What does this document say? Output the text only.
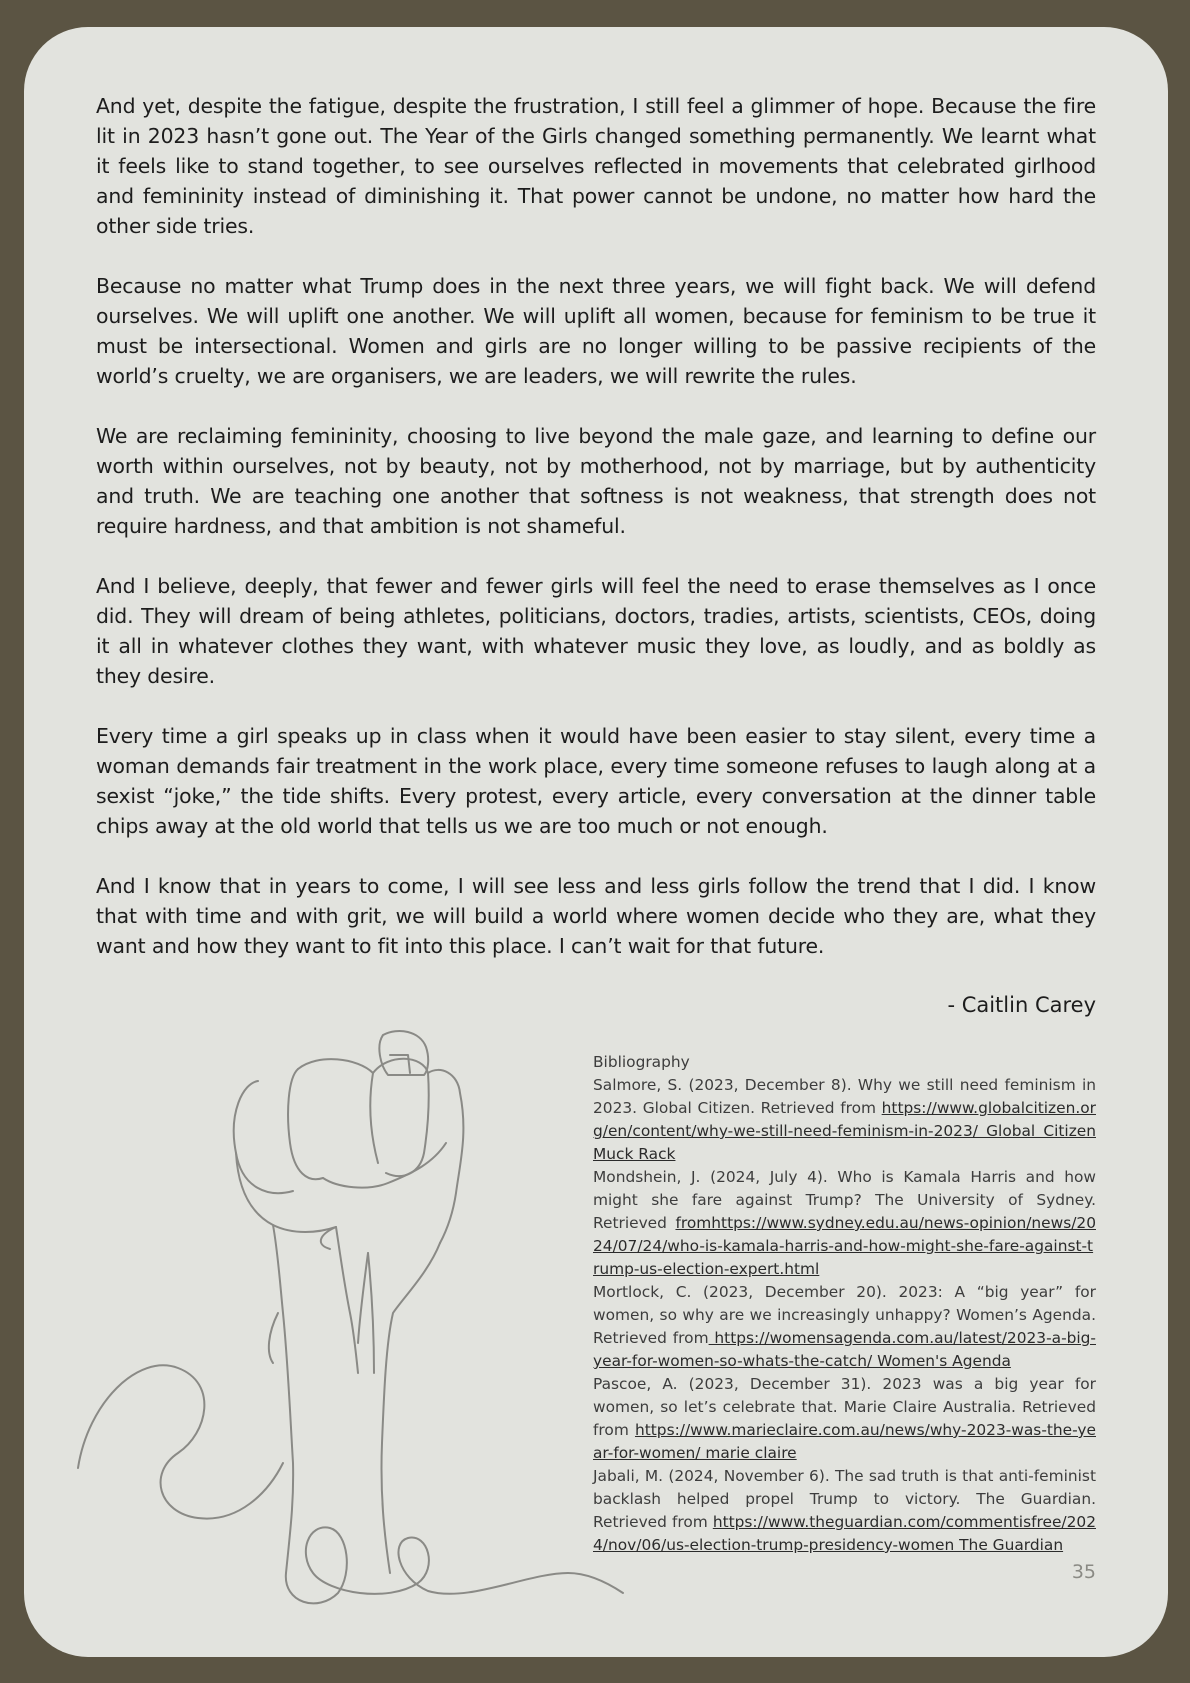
And yet, despite the fatigue, despite the frustration, I still feel a glimmer of hope. Because the fire lit in 2023 hasn’t gone out. The Year of the Girls changed something permanently. We learnt what it feels like to stand together, to see ourselves reflected in movements that celebrated girlhood and femininity instead of diminishing it. That power cannot be undone, no matter how hard the other side tries.

Because no matter what Trump does in the next three years, we will fight back. We will defend ourselves. We will uplift one another. We will uplift all women, because for feminism to be true it must be intersectional. Women and girls are no longer willing to be passive recipients of the world’s cruelty, we are organisers, we are leaders, we will rewrite the rules.

We are reclaiming femininity, choosing to live beyond the male gaze, and learning to define our worth within ourselves, not by beauty, not by motherhood, not by marriage, but by authenticity and truth. We are teaching one another that softness is not weakness, that strength does not require hardness, and that ambition is not shameful.

And I believe, deeply, that fewer and fewer girls will feel the need to erase themselves as I once did. They will dream of being athletes, politicians, doctors, tradies, artists, scientists, CEOs, doing it all in whatever clothes they want, with whatever music they love, as loudly, and as boldly as they desire.

Every time a girl speaks up in class when it would have been easier to stay silent, every time a woman demands fair treatment in the work place, every time someone refuses to laugh along at a sexist “joke,” the tide shifts. Every protest, every article, every conversation at the dinner table chips away at the old world that tells us we are too much or not enough.

And I know that in years to come, I will see less and less girls follow the trend that I did. I know that with time and with grit, we will build a world where women decide who they are, what they want and how they want to fit into this place. I can’t wait for that future.

- Caitlin Carey

Bibliography

Salmore, S. (2023, December 8). Why we still need feminism in 2023. Global Citizen. Retrieved from https://www.globalcitizen.org/en/content/why-we-still-need-feminism-in-2023/ Global CitizenMuck Rack

Mondshein, J. (2024, July 4). Who is Kamala Harris and how might she fare against Trump? The University of Sydney. Retrieved fromhttps://www.sydney.edu.au/news-opinion/news/2024/07/24/who-is-kamala-harris-and-how-might-she-fare-against-trump-us-election-expert.html

Mortlock, C. (2023, December 20). 2023: A “big year” for women, so why are we increasingly unhappy? Women’s Agenda. Retrieved from https://womensagenda.com.au/latest/2023-a-big-year-for-women-so-whats-the-catch/ Women's Agenda

Pascoe, A. (2023, December 31). 2023 was a big year for women, so let’s celebrate that. Marie Claire Australia. Retrieved from https://www.marieclaire.com.au/news/why-2023-was-the-year-for-women/ marie claire

Jabali, M. (2024, November 6). The sad truth is that anti-feminist backlash helped propel Trump to victory. The Guardian. Retrieved from https://www.theguardian.com/commentisfree/2024/nov/06/us-election-trump-presidency-women The Guardian

35
